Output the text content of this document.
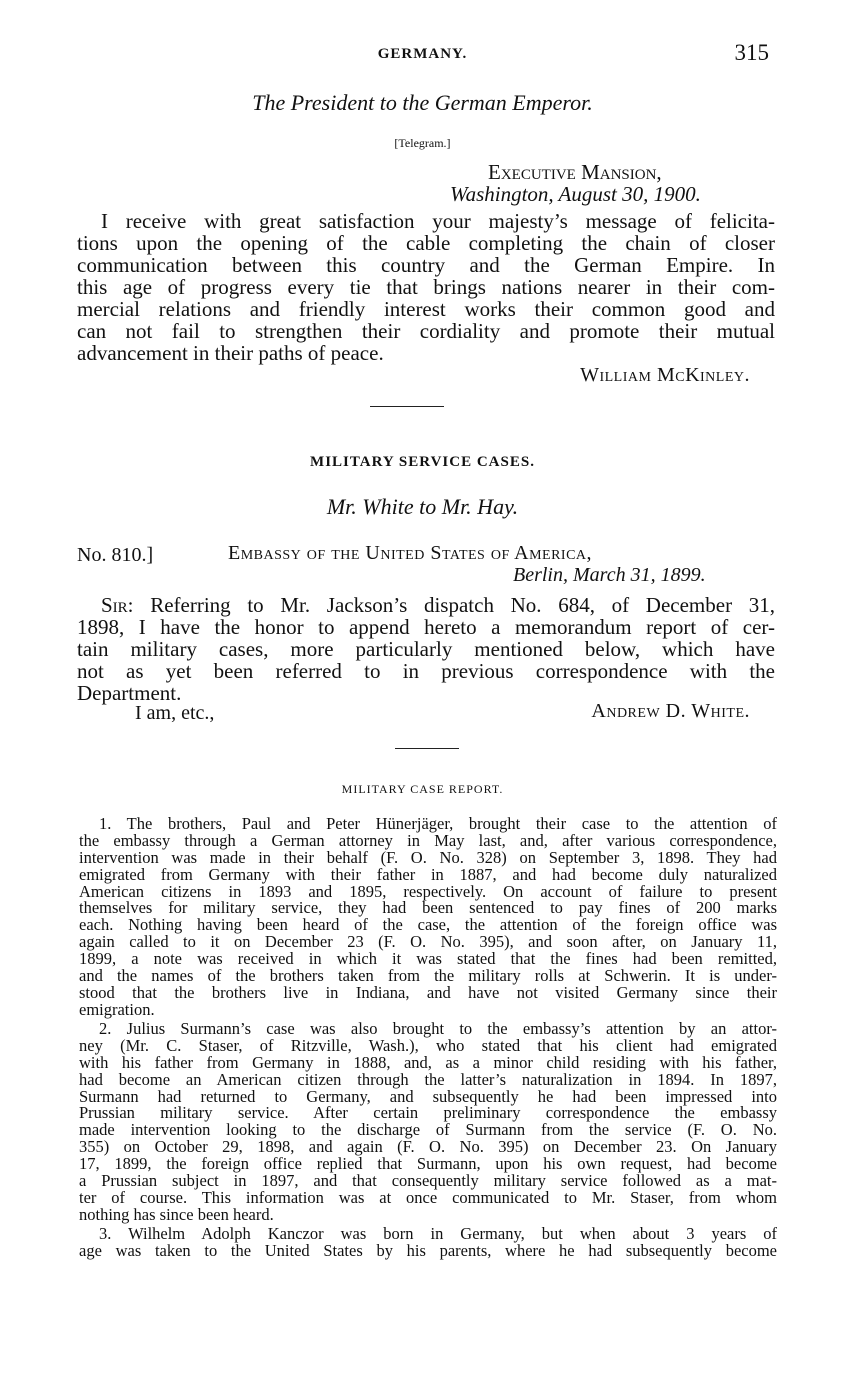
GERMANY.	315
The President to the German Emperor.
[Telegram.]
Executive Mansion,
Washington, August 30, 1900.
I receive with great satisfaction your majesty’s message of felicita-
tions upon the opening of the cable completing the chain of closer
communication between this country and the German Empire. In
this age of progress every tie that brings nations nearer in their com-
mercial relations and friendly interest works their common good and
can not fail to strengthen their cordiality and promote their mutual
advancement in their paths of peace.
William McKinley.
MILITARY SERVICE CASES.
Mr. White to Mr. Hay.
No. 810.]	Embassy of the United States of America,
Berlin, March 31, 1899.
Sir: Referring to Mr. Jackson’s dispatch No. 684, of December 31,
1898, I have the honor to append hereto a memorandum report of cer-
tain military cases, more particularly mentioned below, which have
not as yet been referred to in previous correspondence with the
Department.
I am, etc.,	Andrew D. White.
MILITARY CASE REPORT.
1. The brothers, Paul and Peter Hünerjäger, brought their case to the attention of
the embassy through a German attorney in May last, and, after various correspondence,
intervention was made in their behalf (F. O. No. 328) on September 3, 1898. They had
emigrated from Germany with their father in 1887, and had become duly naturalized
American citizens in 1893 and 1895, respectively. On account of failure to present
themselves for military service, they had been sentenced to pay fines of 200 marks
each. Nothing having been heard of the case, the attention of the foreign office was
again called to it on December 23 (F. O. No. 395), and soon after, on January 11,
1899, a note was received in which it was stated that the fines had been remitted,
and the names of the brothers taken from the military rolls at Schwerin. It is under-
stood that the brothers live in Indiana, and have not visited Germany since their
emigration.
2. Julius Surmann’s case was also brought to the embassy’s attention by an attor-
ney (Mr. C. Staser, of Ritzville, Wash.), who stated that his client had emigrated
with his father from Germany in 1888, and, as a minor child residing with his father,
had become an American citizen through the latter’s naturalization in 1894. In 1897,
Surmann had returned to Germany, and subsequently he had been impressed into
Prussian military service. After certain preliminary correspondence the embassy
made intervention looking to the discharge of Surmann from the service (F. O. No.
355) on October 29, 1898, and again (F. O. No. 395) on December 23. On January
17, 1899, the foreign office replied that Surmann, upon his own request, had become
a Prussian subject in 1897, and that consequently military service followed as a mat-
ter of course. This information was at once communicated to Mr. Staser, from whom
nothing has since been heard.
3. Wilhelm Adolph Kanczor was born in Germany, but when about 3 years of
age was taken to the United States by his parents, where he had subsequently become
